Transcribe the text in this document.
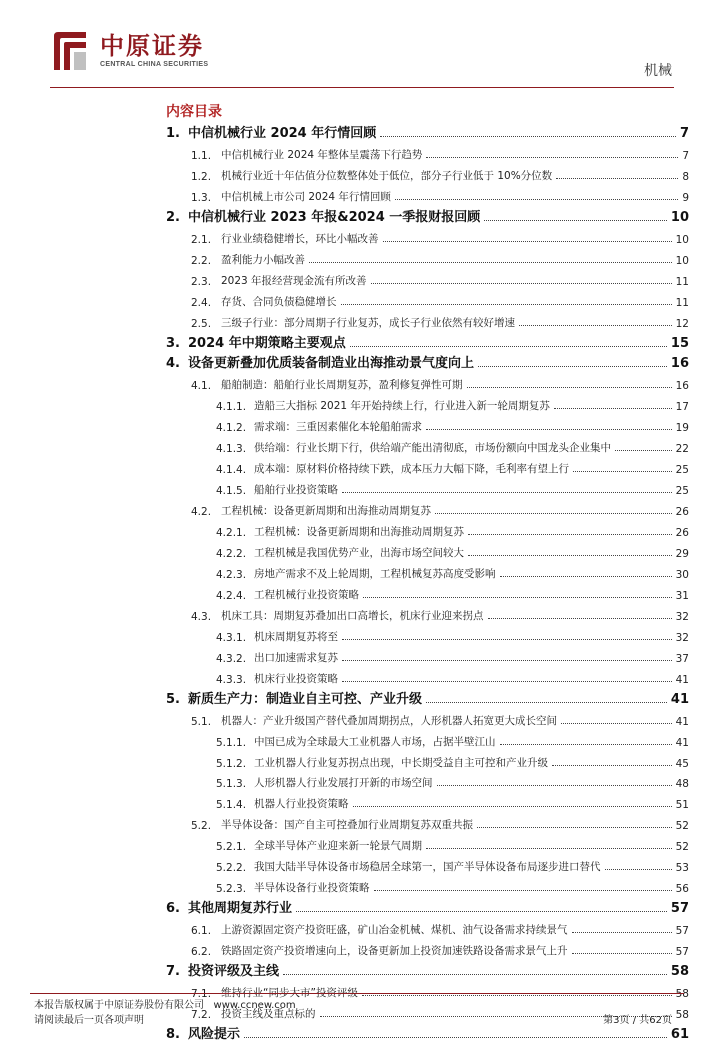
中原证券
CENTRAL CHINA SECURITIES	机械
内容目录
1. 中信机械行业 2024 年行情回顾	7
1.1. 中信机械行业 2024 年整体呈震荡下行趋势	7
1.2. 机械行业近十年估值分位数整体处于低位，部分子行业低于 10%分位数	8
1.3. 中信机械上市公司 2024 年行情回顾	9
2. 中信机械行业 2023 年报&2024 一季报财报回顾	10
2.1. 行业业绩稳健增长，环比小幅改善	10
2.2. 盈利能力小幅改善	10
2.3. 2023 年报经营现金流有所改善	11
2.4. 存货、合同负债稳健增长	11
2.5. 三级子行业：部分周期子行业复苏，成长子行业依然有较好增速	12
3. 2024 年中期策略主要观点	15
4. 设备更新叠加优质装备制造业出海推动景气度向上	16
4.1. 船舶制造：船舶行业长周期复苏，盈利修复弹性可期	16
4.1.1. 造船三大指标 2021 年开始持续上行，行业进入新一轮周期复苏	17
4.1.2. 需求端：三重因素催化本轮船舶需求	19
4.1.3. 供给端：行业长期下行，供给端产能出清彻底，市场份额向中国龙头企业集中	22
4.1.4. 成本端：原材料价格持续下跌，成本压力大幅下降，毛利率有望上行	25
4.1.5. 船舶行业投资策略	25
4.2. 工程机械：设备更新周期和出海推动周期复苏	26
4.2.1. 工程机械：设备更新周期和出海推动周期复苏	26
4.2.2. 工程机械是我国优势产业，出海市场空间较大	29
4.2.3. 房地产需求不及上轮周期，工程机械复苏高度受影响	30
4.2.4. 工程机械行业投资策略	31
4.3. 机床工具：周期复苏叠加出口高增长，机床行业迎来拐点	32
4.3.1. 机床周期复苏将至	32
4.3.2. 出口加速需求复苏	37
4.3.3. 机床行业投资策略	41
5. 新质生产力：制造业自主可控、产业升级	41
5.1. 机器人：产业升级国产替代叠加周期拐点，人形机器人拓宽更大成长空间	41
5.1.1. 中国已成为全球最大工业机器人市场，占据半壁江山	41
5.1.2. 工业机器人行业复苏拐点出现，中长期受益自主可控和产业升级	45
5.1.3. 人形机器人行业发展打开新的市场空间	48
5.1.4. 机器人行业投资策略	51
5.2. 半导体设备：国产自主可控叠加行业周期复苏双重共振	52
5.2.1. 全球半导体产业迎来新一轮景气周期	52
5.2.2. 我国大陆半导体设备市场稳居全球第一，国产半导体设备布局逐步进口替代	53
5.2.3. 半导体设备行业投资策略	56
6. 其他周期复苏行业	57
6.1. 上游资源固定资产投资旺盛，矿山冶金机械、煤机、油气设备需求持续景气	57
6.2. 铁路固定资产投资增速向上，设备更新加上投资加速铁路设备需求景气上升	57
7. 投资评级及主线	58
7.1. 维持行业“同步大市”投资评级	58
7.2. 投资主线及重点标的	58
8. 风险提示	61
本报告版权属于中原证券股份有限公司 www.ccnew.com
请阅读最后一页各项声明	第3页 / 共62页
